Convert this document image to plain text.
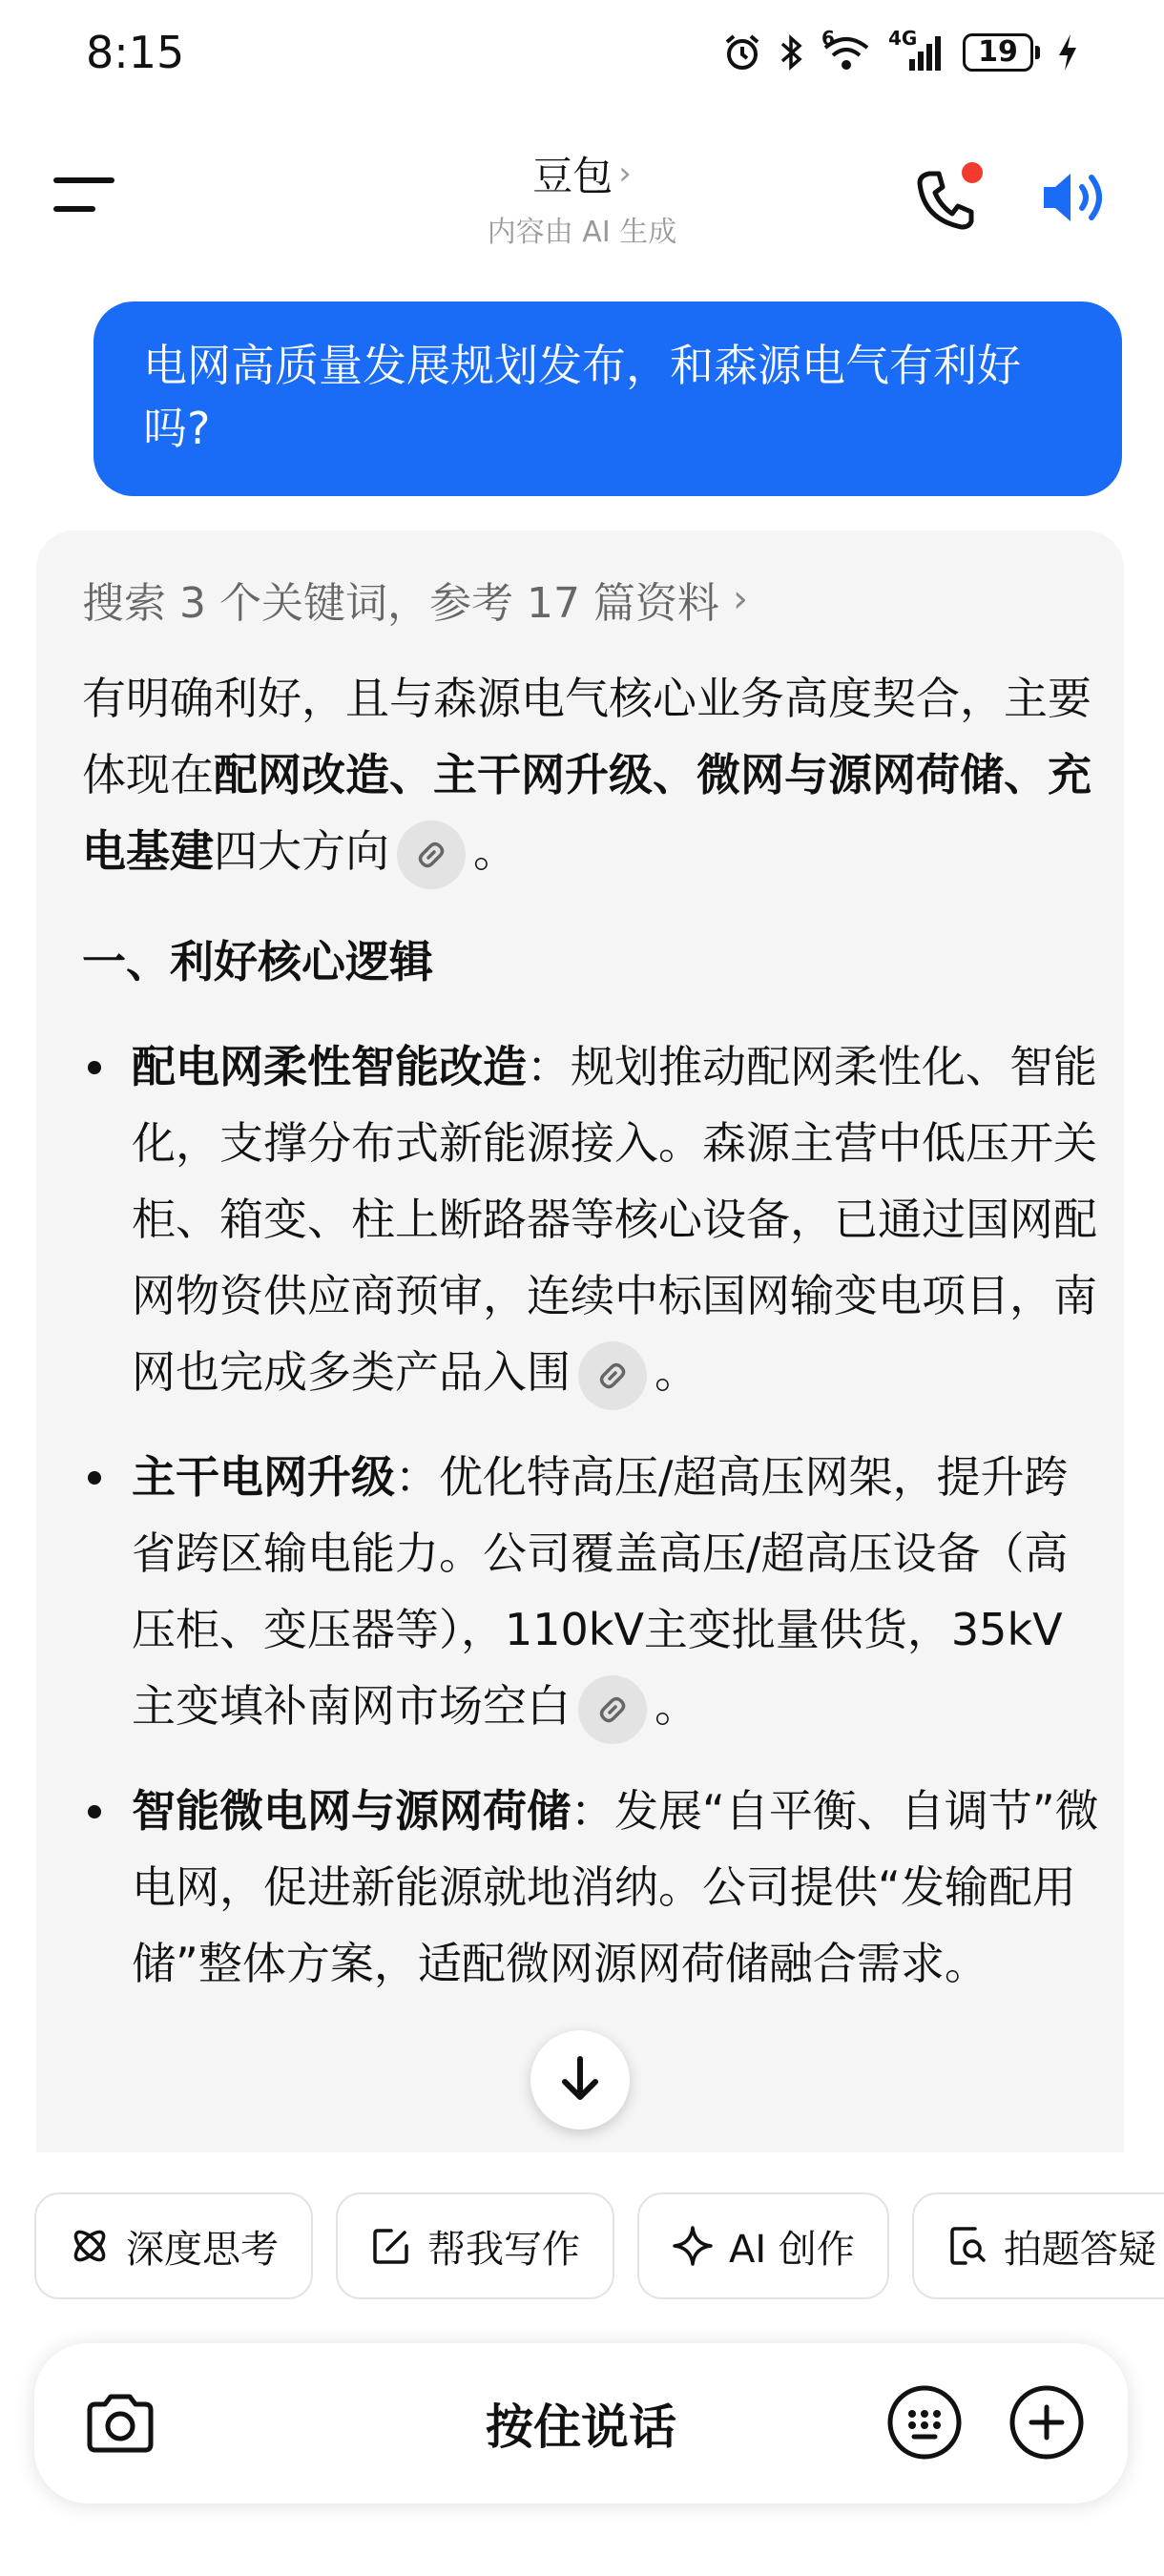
8:15	6	4G	19
豆包 ›
内容由 AI 生成
电网高质量发展规划发布，和森源电气有利好吗?
搜索 3 个关键词，参考 17 篇资料 ›

有明确利好，且与森源电气核心业务高度契合，主要体现在配网改造、主干网升级、微网与源网荷储、充电基建四大方向 。

一、利好核心逻辑
配电网柔性智能改造：规划推动配网柔性化、智能化，支撑分布式新能源接入。森源主营中低压开关柜、箱变、柱上断路器等核心设备，已通过国网配网物资供应商预审，连续中标国网输变电项目，南网也完成多类产品入围 。
主干电网升级：优化特高压/超高压网架，提升跨省跨区输电能力。公司覆盖高压/超高压设备（高压柜、变压器等），110kV主变批量供货，35kV主变填补南网市场空白 。
智能微电网与源网荷储：发展“自平衡、自调节”微电网，促进新能源就地消纳。公司提供“发输配用储”整体方案，适配微网源网荷储融合需求。
深度思考	帮我写作	AI 创作	拍题答疑
按住说话
